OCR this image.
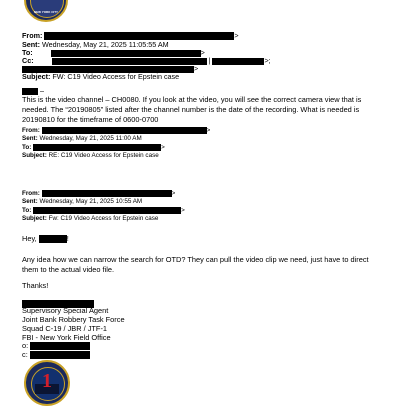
NEW YORK CITY
From:	>
Sent: Wednesday, May 21, 2025 11:05:55 AM
To:	>
Cc:	|	>;
>
Subject: FW: C19 Video Access for Epstein case
–
This is the video channel – CH0080. If you look at the video, you will see the correct camera view that is needed. The “20190805” listed after the channel number is the date of the recording. What is needed is 20190810 for the timeframe of 0600-0700
From:	>
Sent: Wednesday, May 21, 2025 11:00 AM
To:	>
Subject: RE: C19 Video Access for Epstein case
From:	>
Sent: Wednesday, May 21, 2025 10:55 AM
To:	>
Subject: Fw: C19 Video Access for Epstein case
Hey,	!
Any idea how we can narrow the search for OTD? They can pull the video clip we need, just have to direct them to the actual video file.
Thanks!
Supervisory Special Agent
Joint Bank Robbery Task Force
Squad C-19 / JBR / JTF-1
FBI - New York Field Office
o:
c:
1
